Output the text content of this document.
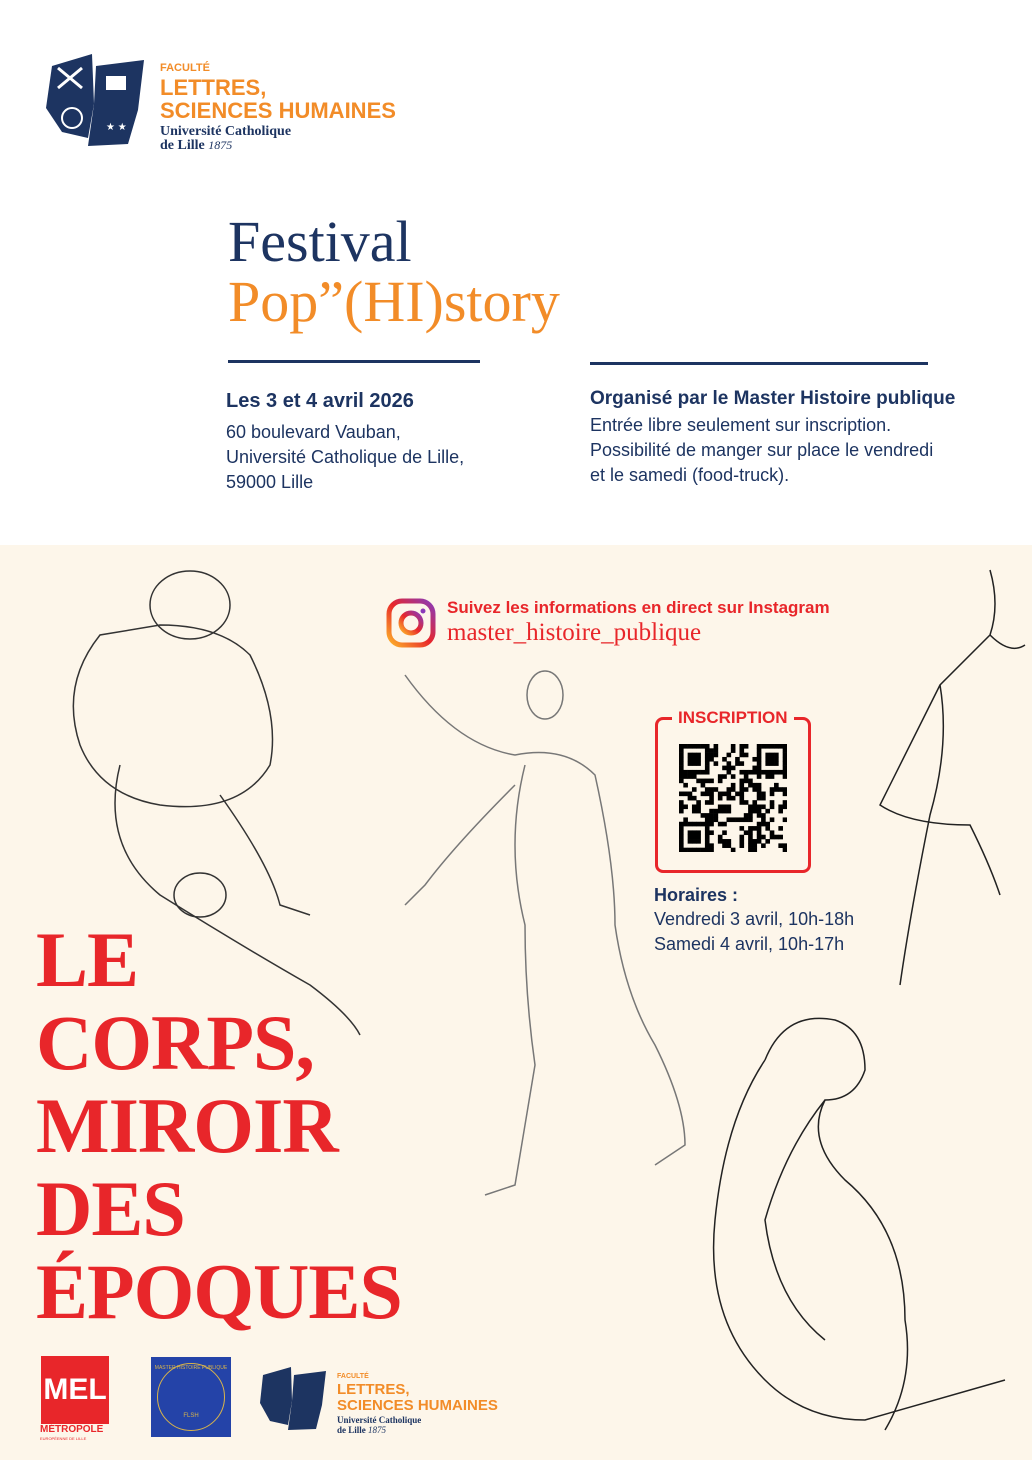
★ ★
FACULTÉ
LETTRES,
SCIENCES HUMAINES
Université Catholique
de Lille 1875
Festival
Pop”(HI)story
Les 3 et 4 avril 2026
60 boulevard Vauban,
Université Catholique de Lille,
59000 Lille
Organisé par le Master Histoire publique
Entrée libre seulement sur inscription.
Possibilité de manger sur place le vendredi
et le samedi (food-truck).
Suivez les informations en direct sur Instagram
master_histoire_publique
INSCRIPTION
Horaires :
Vendredi 3 avril, 10h-18h
Samedi 4 avril, 10h-17h
LE
CORPS,
MIROIR
DES
ÉPOQUES
MEL
MÉTROPOLE
EUROPÉENNE DE LILLE
MASTER HISTOIRE PUBLIQUE
FLSH
FACULTÉ
LETTRES,
SCIENCES HUMAINES
Université Catholique
de Lille 1875
